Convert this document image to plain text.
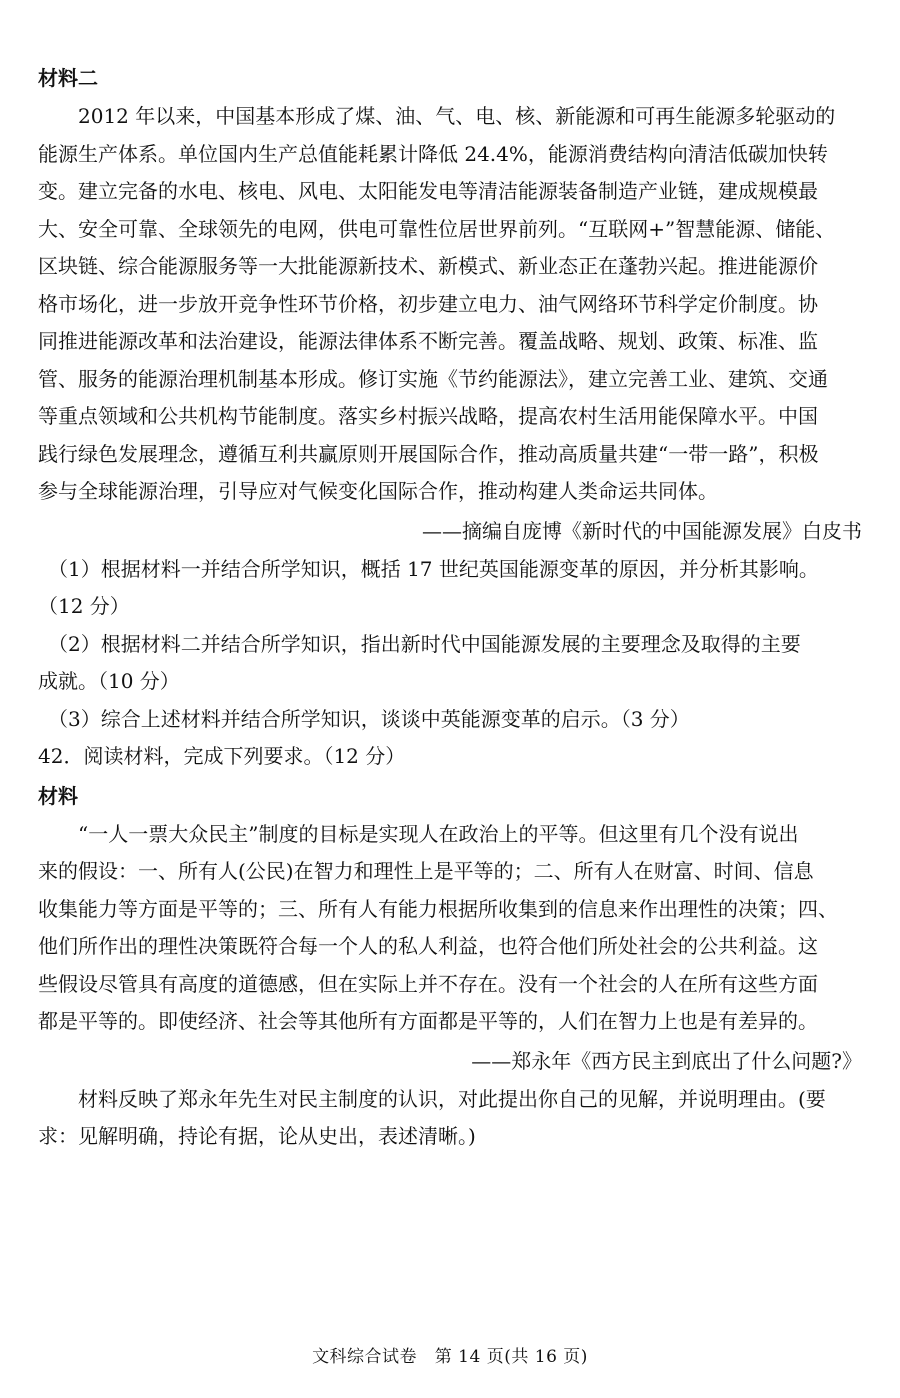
材料二
2012 年以来，中国基本形成了煤、油、气、电、核、新能源和可再生能源多轮驱动的
能源生产体系。单位国内生产总值能耗累计降低 24.4%，能源消费结构向清洁低碳加快转
变。建立完备的水电、核电、风电、太阳能发电等清洁能源装备制造产业链，建成规模最
大、安全可靠、全球领先的电网，供电可靠性位居世界前列。“互联网+”智慧能源、储能、
区块链、综合能源服务等一大批能源新技术、新模式、新业态正在蓬勃兴起。推进能源价
格市场化，进一步放开竞争性环节价格，初步建立电力、油气网络环节科学定价制度。协
同推进能源改革和法治建设，能源法律体系不断完善。覆盖战略、规划、政策、标准、监
管、服务的能源治理机制基本形成。修订实施《节约能源法》，建立完善工业、建筑、交通
等重点领域和公共机构节能制度。落实乡村振兴战略，提高农村生活用能保障水平。中国
践行绿色发展理念，遵循互利共赢原则开展国际合作，推动高质量共建“一带一路”，积极
参与全球能源治理，引导应对气候变化国际合作，推动构建人类命运共同体。
——摘编自庞博《新时代的中国能源发展》白皮书
（1）根据材料一并结合所学知识，概括 17 世纪英国能源变革的原因，并分析其影响。
（12 分）
（2）根据材料二并结合所学知识，指出新时代中国能源发展的主要理念及取得的主要
成就。（10 分）
（3）综合上述材料并结合所学知识，谈谈中英能源变革的启示。（3 分）
42．阅读材料，完成下列要求。（12 分）
材料
“一人一票大众民主”制度的目标是实现人在政治上的平等。但这里有几个没有说出
来的假设：一、所有人(公民)在智力和理性上是平等的；二、所有人在财富、时间、信息
收集能力等方面是平等的；三、所有人有能力根据所收集到的信息来作出理性的决策；四、
他们所作出的理性决策既符合每一个人的私人利益，也符合他们所处社会的公共利益。这
些假设尽管具有高度的道德感，但在实际上并不存在。没有一个社会的人在所有这些方面
都是平等的。即使经济、社会等其他所有方面都是平等的，人们在智力上也是有差异的。
——郑永年《西方民主到底出了什么问题?》
材料反映了郑永年先生对民主制度的认识，对此提出你自己的见解，并说明理由。(要
求：见解明确，持论有据，论从史出，表述清晰。)
文科综合试卷 第 14 页(共 16 页)
